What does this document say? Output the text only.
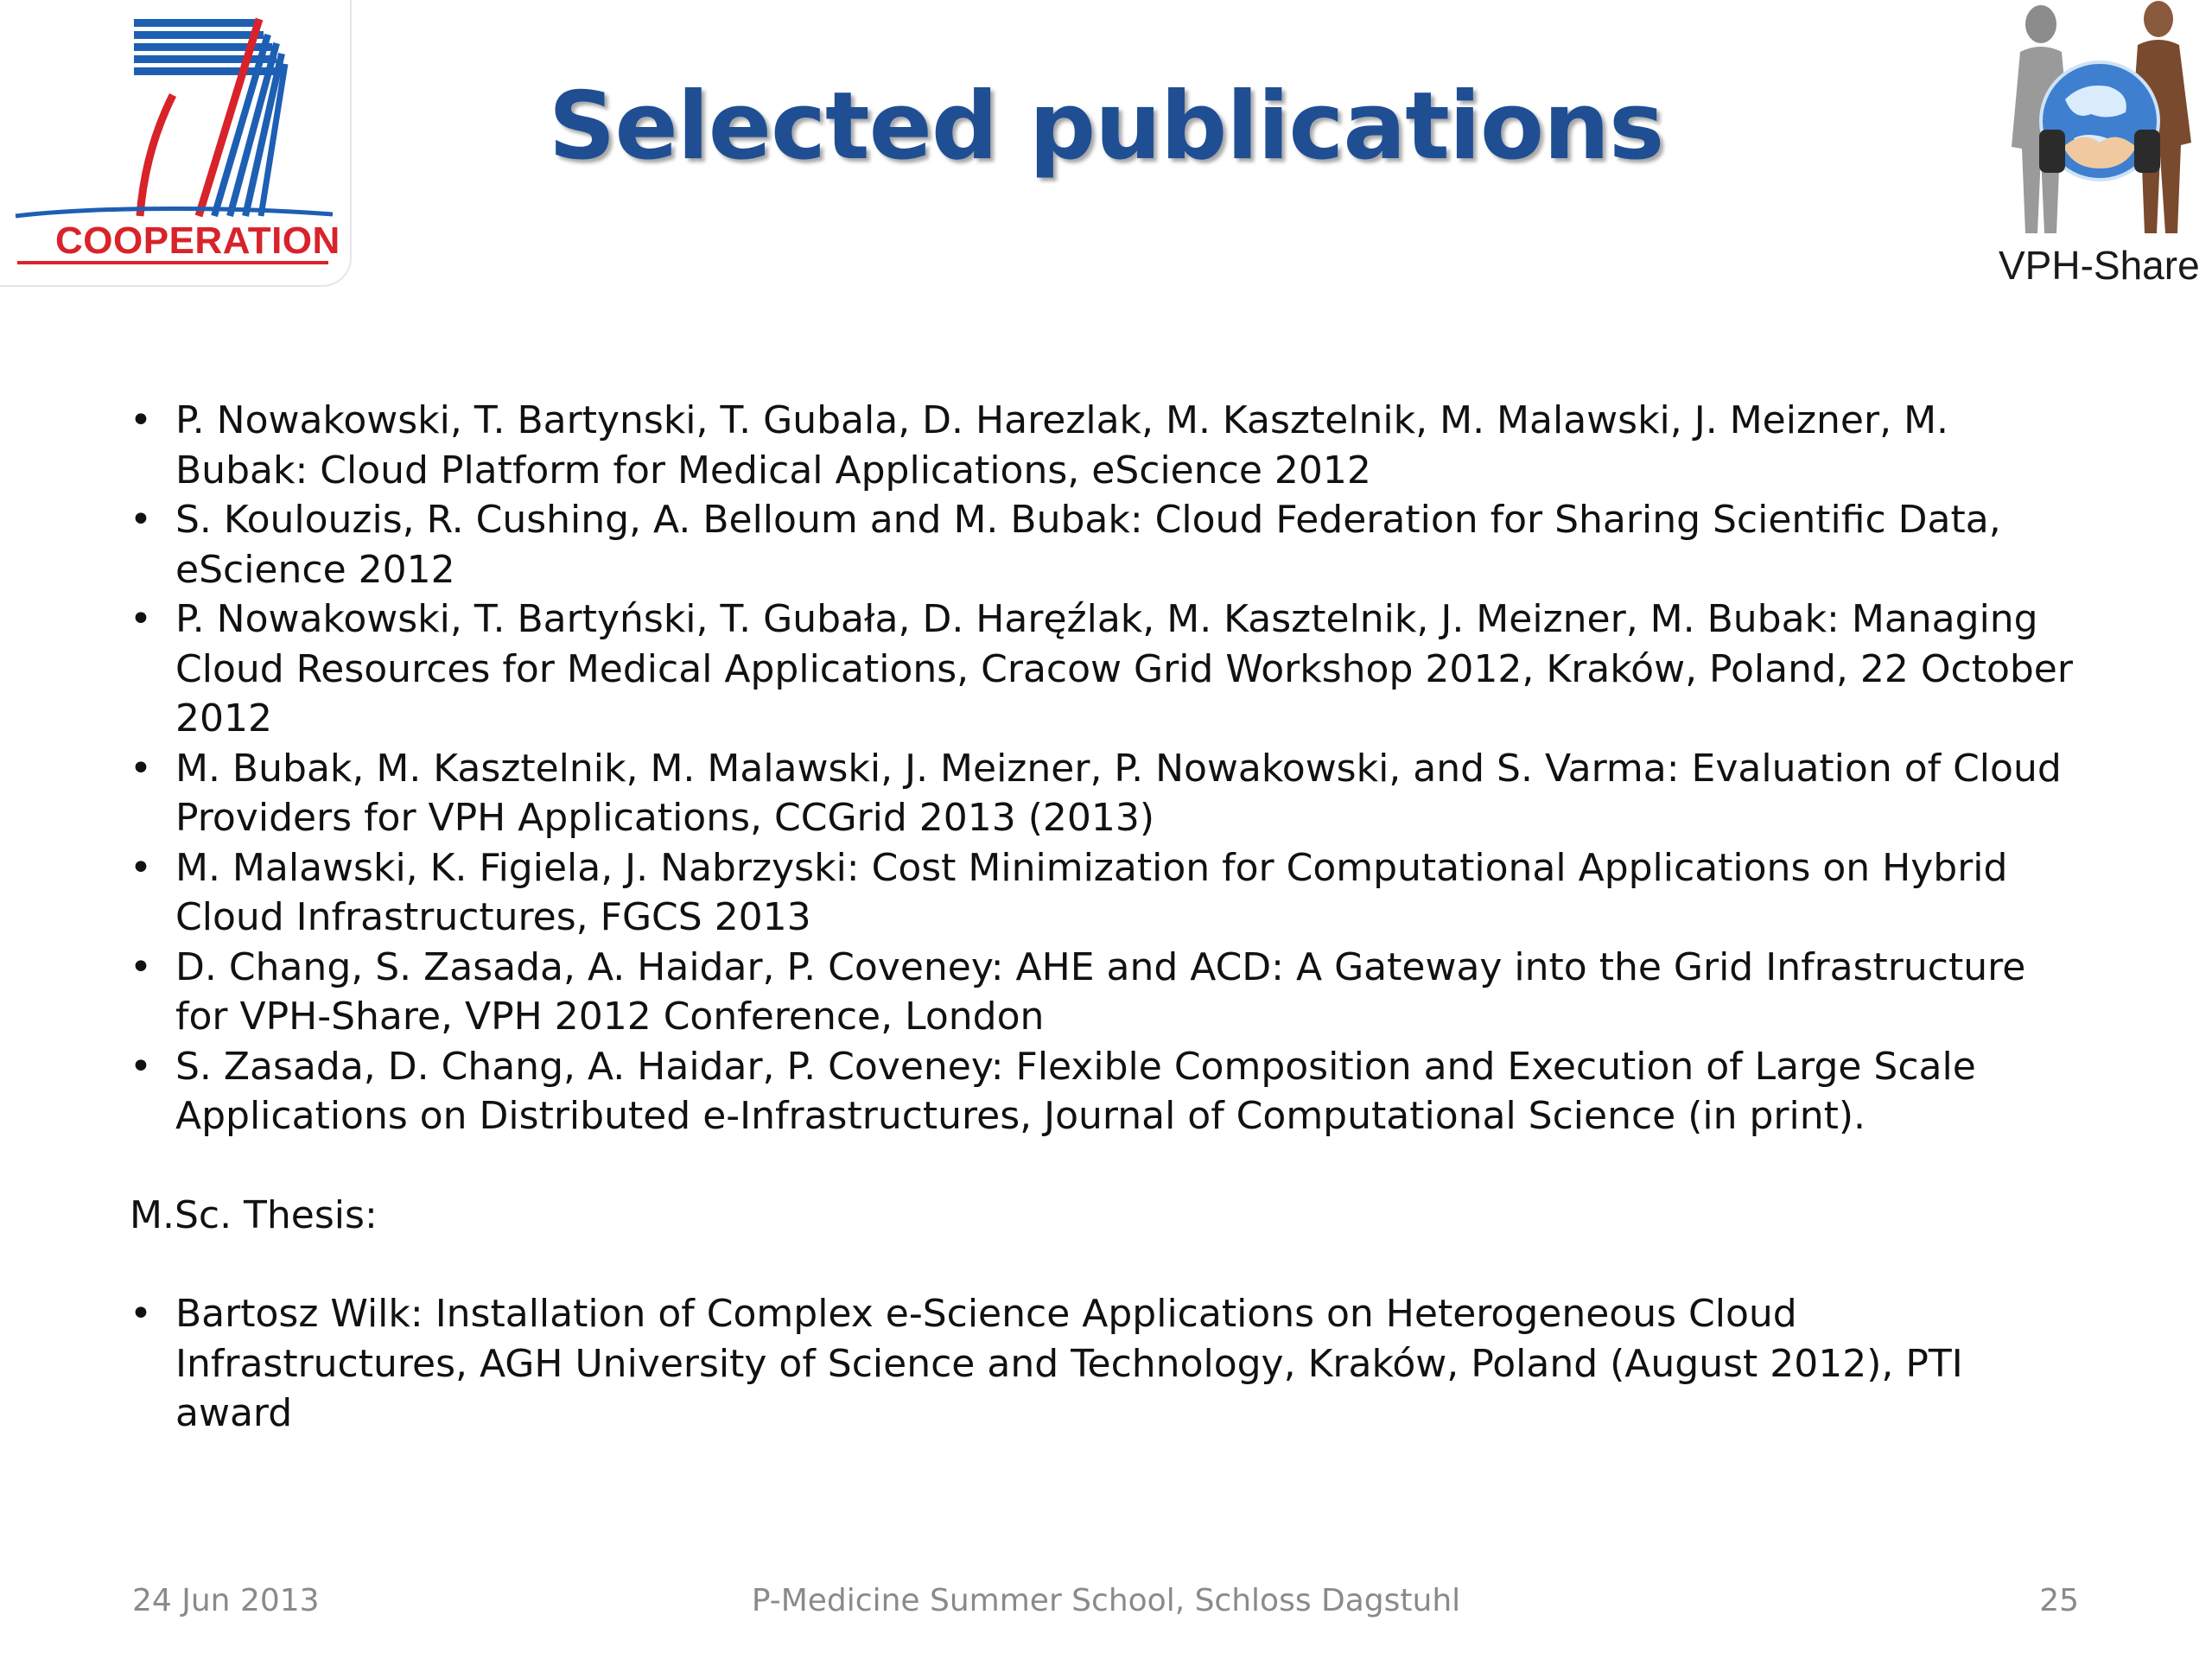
COOPERATION
Selected publications
VPH-Share
• P. Nowakowski, T. Bartynski, T. Gubala, D. Harezlak, M. Kasztelnik, M. Malawski, J. Meizner, M. Bubak: Cloud Platform for Medical Applications, eScience 2012
• S. Koulouzis, R. Cushing, A. Belloum and M. Bubak: Cloud Federation for Sharing Scientific Data, eScience 2012
• P. Nowakowski, T. Bartyński, T. Gubała, D. Haręźlak, M. Kasztelnik, J. Meizner, M. Bubak: Managing Cloud Resources for Medical Applications, Cracow Grid Workshop 2012, Kraków, Poland, 22 October 2012
• M. Bubak, M. Kasztelnik, M. Malawski, J. Meizner, P. Nowakowski, and S. Varma: Evaluation of Cloud Providers for VPH Applications, CCGrid 2013 (2013)
• M. Malawski, K. Figiela, J. Nabrzyski: Cost Minimization for Computational Applications on Hybrid Cloud Infrastructures, FGCS 2013
• D. Chang, S. Zasada, A. Haidar, P. Coveney: AHE and ACD: A Gateway into the Grid Infrastructure for VPH-Share, VPH 2012 Conference, London
• S. Zasada, D. Chang, A. Haidar, P. Coveney: Flexible Composition and Execution of Large Scale Applications on Distributed e-Infrastructures, Journal of Computational Science (in print).
M.Sc. Thesis:
• Bartosz Wilk: Installation of Complex e-Science Applications on Heterogeneous Cloud Infrastructures, AGH University of Science and Technology, Kraków, Poland (August 2012), PTI award
24 Jun 2013	P-Medicine Summer School, Schloss Dagstuhl	25
